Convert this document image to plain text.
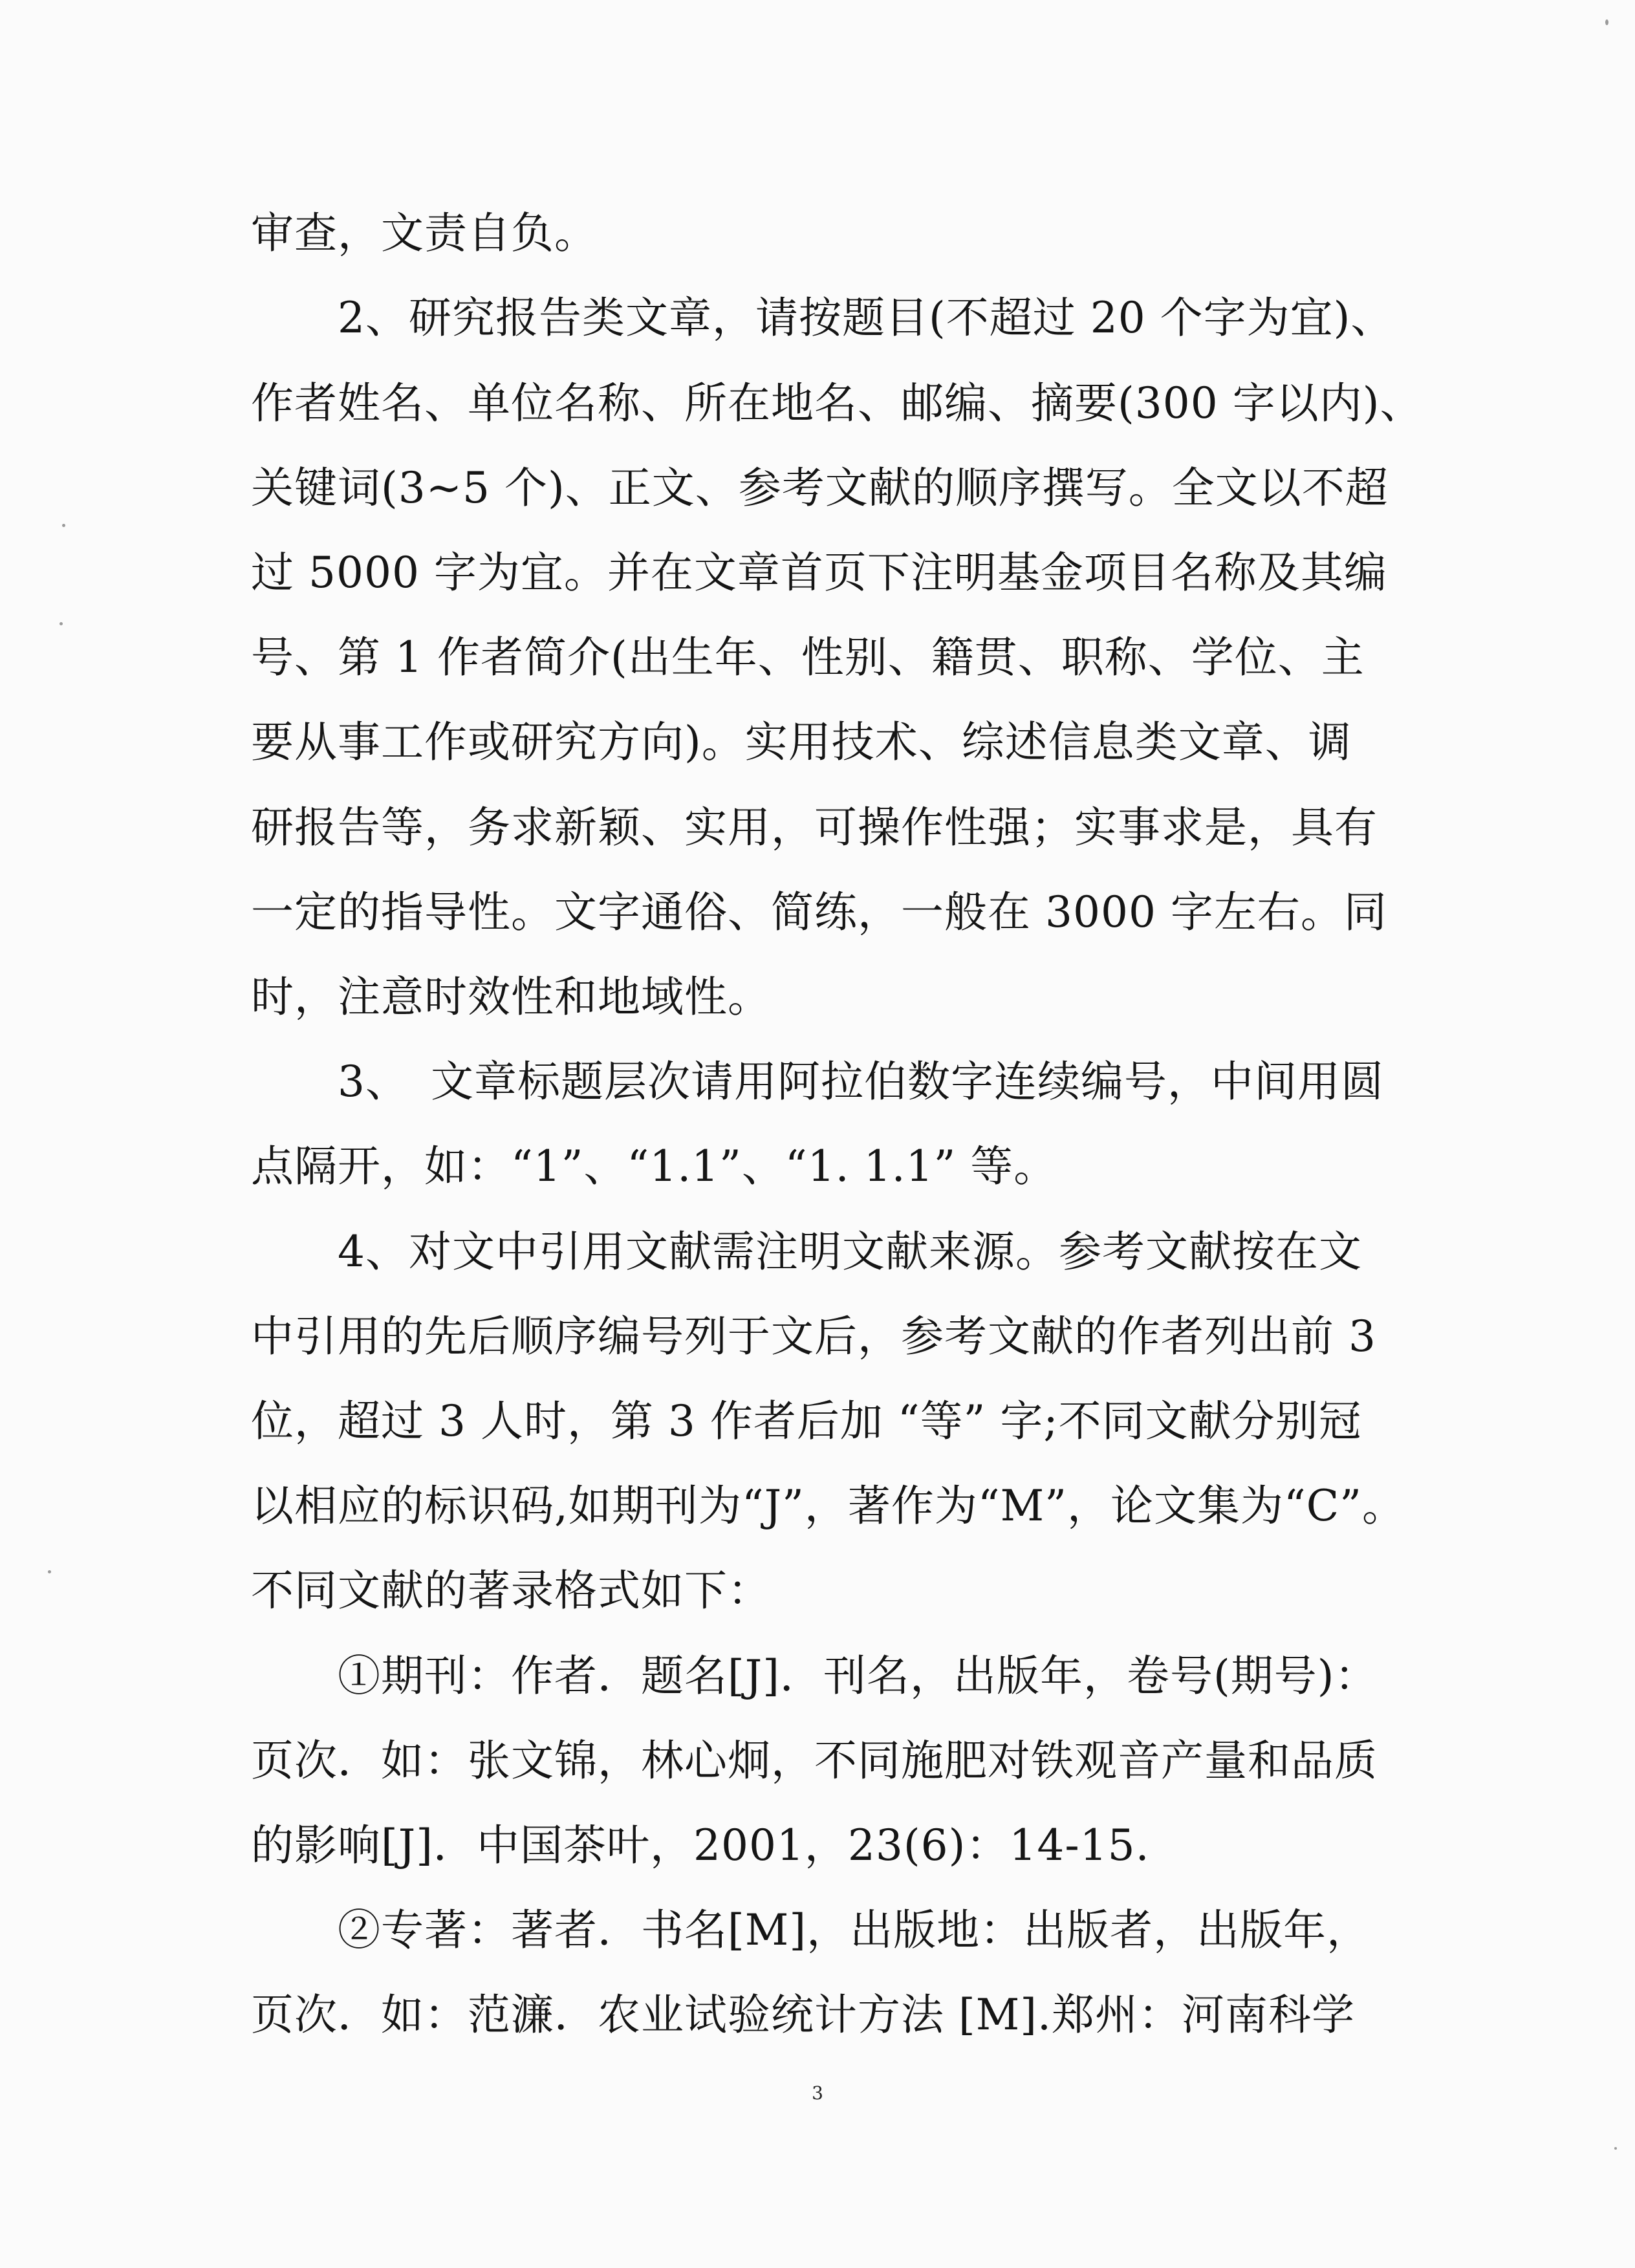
审查，文责自负。
　　2、研究报告类文章，请按题目(不超过 20 个字为宜)、
作者姓名、单位名称、所在地名、邮编、摘要(300 字以内)、
关键词(3~5 个)、正文、参考文献的顺序撰写。全文以不超
过 5000 字为宜。并在文章首页下注明基金项目名称及其编
号、第 1 作者简介(出生年、性别、籍贯、职称、学位、主
要从事工作或研究方向)。实用技术、综述信息类文章、调
研报告等，务求新颖、实用，可操作性强；实事求是，具有
一定的指导性。文字通俗、简练，一般在 3000 字左右。同
时，注意时效性和地域性。
　　3、　文章标题层次请用阿拉伯数字连续编号，中间用圆
点隔开，如：“1”、“1.1”、“1. 1.1” 等。
　　4、对文中引用文献需注明文献来源。参考文献按在文
中引用的先后顺序编号列于文后，参考文献的作者列出前 3
位，超过 3 人时，第 3 作者后加 “等” 字;不同文献分别冠
以相应的标识码,如期刊为“J”，著作为“M”，论文集为“C”。
不同文献的著录格式如下：
　　①期刊：作者．题名[J]．刊名，出版年，卷号(期号)：
页次．如：张文锦，林心炯，不同施肥对铁观音产量和品质
的影响[J]．中国茶叶，2001，23(6)：14-15.
　　②专著：著者．书名[M]，出版地：出版者，出版年，
页次．如：范濂．农业试验统计方法 [M].郑州：河南科学
3
